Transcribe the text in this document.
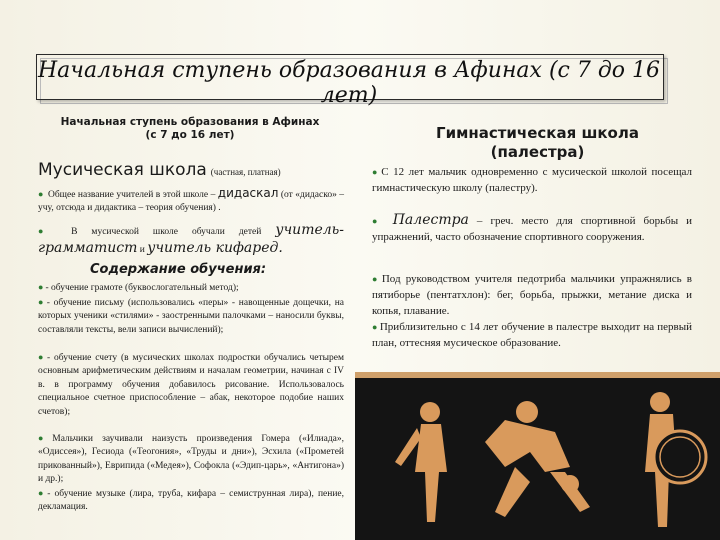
Начальная ступень образования в Афинах (с 7 до 16 лет)
Начальная ступень образования в Афинах
(с 7 до 16 лет)	Гимнастическая школа
(палестра)
Мусическая школа (частная, платная)

● Общее название учителей в этой школе – дидаскал (от «дидаско» – учу, отсюда и дидактика – теория обучения) .

● В мусической школе обучали детей учитель-грамматист и учитель кифаред.

Содержание обучения:

● - обучение грамоте (буквослогательный метод);

● - обучение письму (использовались «перы» - навощенные дощечки, на которых ученики «стилями» - заостренными палочками – наносили буквы, составляли тексты, вели записи вычислений);

● - обучение счету (в мусических школах подростки обучались четырем основным арифметическим действиям и началам геометрии, начиная с IV в. в программу обучения добавилось рисование. Использовалось специальное счетное приспособление – абак, некоторое подобие наших счетов);

● Мальчики заучивали наизусть произведения Гомера («Илиада», «Одиссея»), Гесиода («Теогония», «Труды и дни»), Эсхила («Прометей прикованный»), Еврипида («Медея»), Софокла («Эдип-царь», «Антигона») и др.);

● - обучение музыке (лира, труба, кифара – семиструнная лира), пение, декламация.

● С 12 лет мальчик одновременно с мусической школой посещал гимнастическую школу (палестру).

● Палестра – греч. место для спортивной борьбы и упражнений, часто обозначение спортивного сооружения.

● Под руководством учителя педотриба мальчики упражнялись в пятиборье (пентатхлон): бег, борьба, прыжки, метание диска и копья, плавание.

● Приблизительно с 14 лет обучение в палестре выходит на первый план, оттесняя мусическое образование.
